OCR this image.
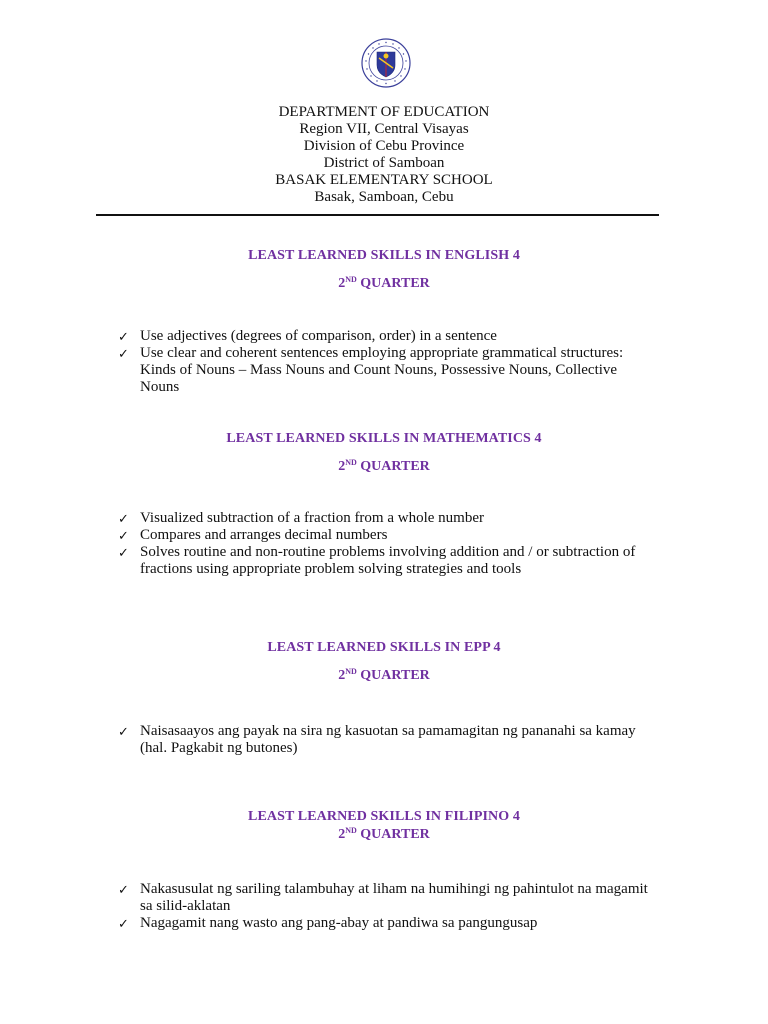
DEPARTMENT OF EDUCATION
Region VII, Central Visayas
Division of Cebu Province
District of Samboan
BASAK ELEMENTARY SCHOOL
Basak, Samboan, Cebu
LEAST LEARNED SKILLS IN ENGLISH 4
2ND QUARTER
✓ Use adjectives (degrees of comparison, order) in a sentence
✓ Use clear and coherent sentences employing appropriate grammatical structures: Kinds of Nouns – Mass Nouns and Count Nouns, Possessive Nouns, Collective Nouns
LEAST LEARNED SKILLS IN MATHEMATICS 4
2ND QUARTER
✓ Visualized subtraction of a fraction from a whole number
✓ Compares and arranges decimal numbers
✓ Solves routine and non-routine problems involving addition and / or subtraction of fractions using appropriate problem solving strategies and tools
LEAST LEARNED SKILLS IN EPP 4
2ND QUARTER
✓ Naisasaayos ang payak na sira ng kasuotan sa pamamagitan ng pananahi sa kamay (hal. Pagkabit ng butones)
LEAST LEARNED SKILLS IN FILIPINO 4
2ND QUARTER
✓ Nakasusulat ng sariling talambuhay at liham na humihingi ng pahintulot na magamit sa silid-aklatan
✓ Nagagamit nang wasto ang pang-abay at pandiwa sa pangungusap
